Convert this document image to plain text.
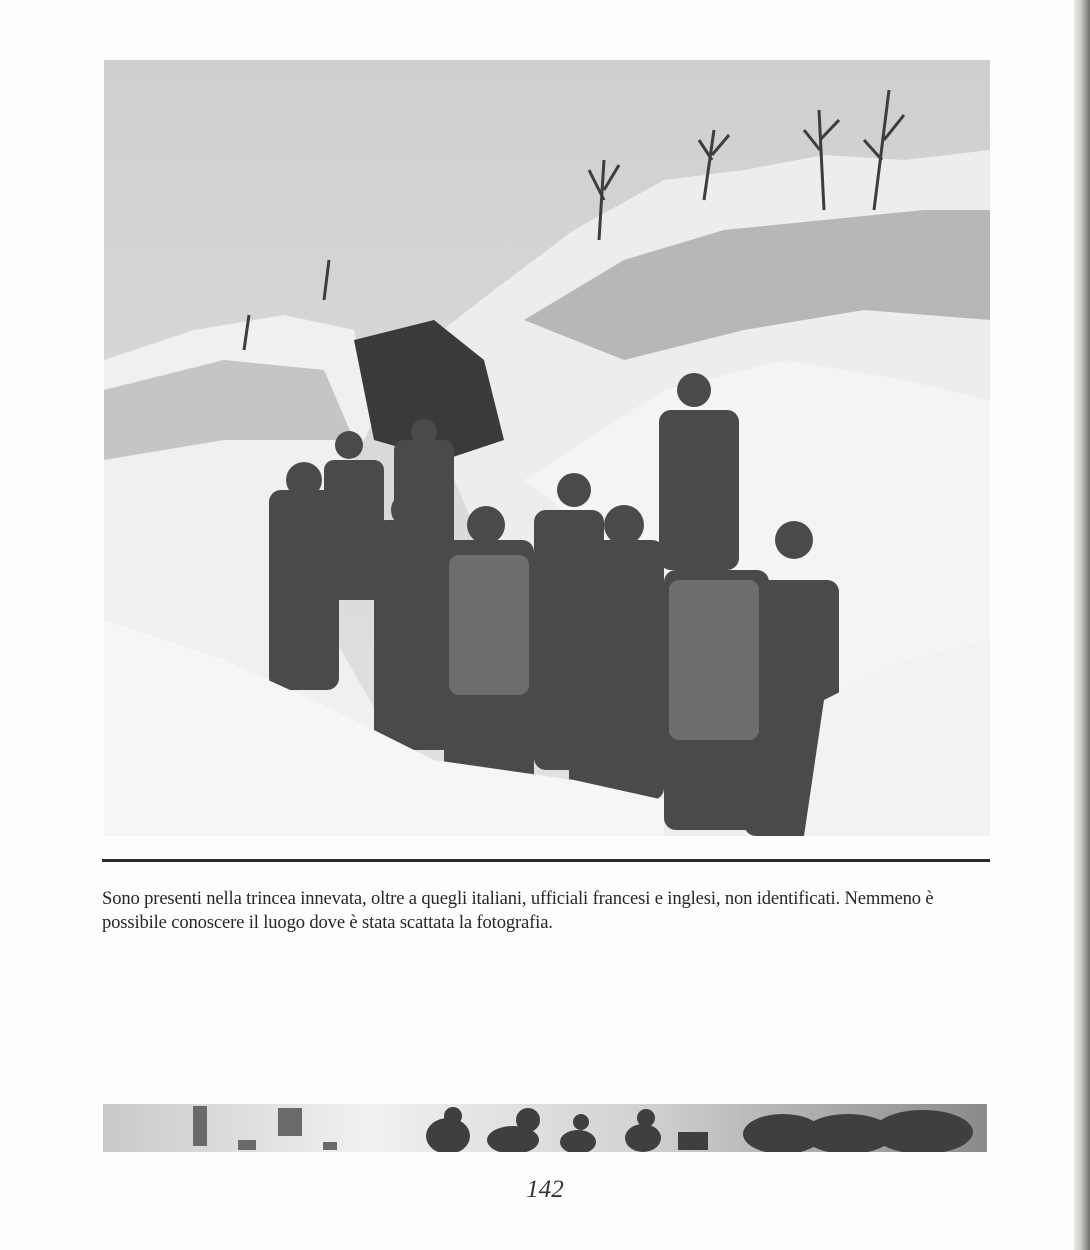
Sono presenti nella trincea innevata, oltre a quegli italiani, ufficiali francesi e inglesi, non identificati. Nemmeno è possibile conoscere il luogo dove è stata scattata la fotografia.

142
